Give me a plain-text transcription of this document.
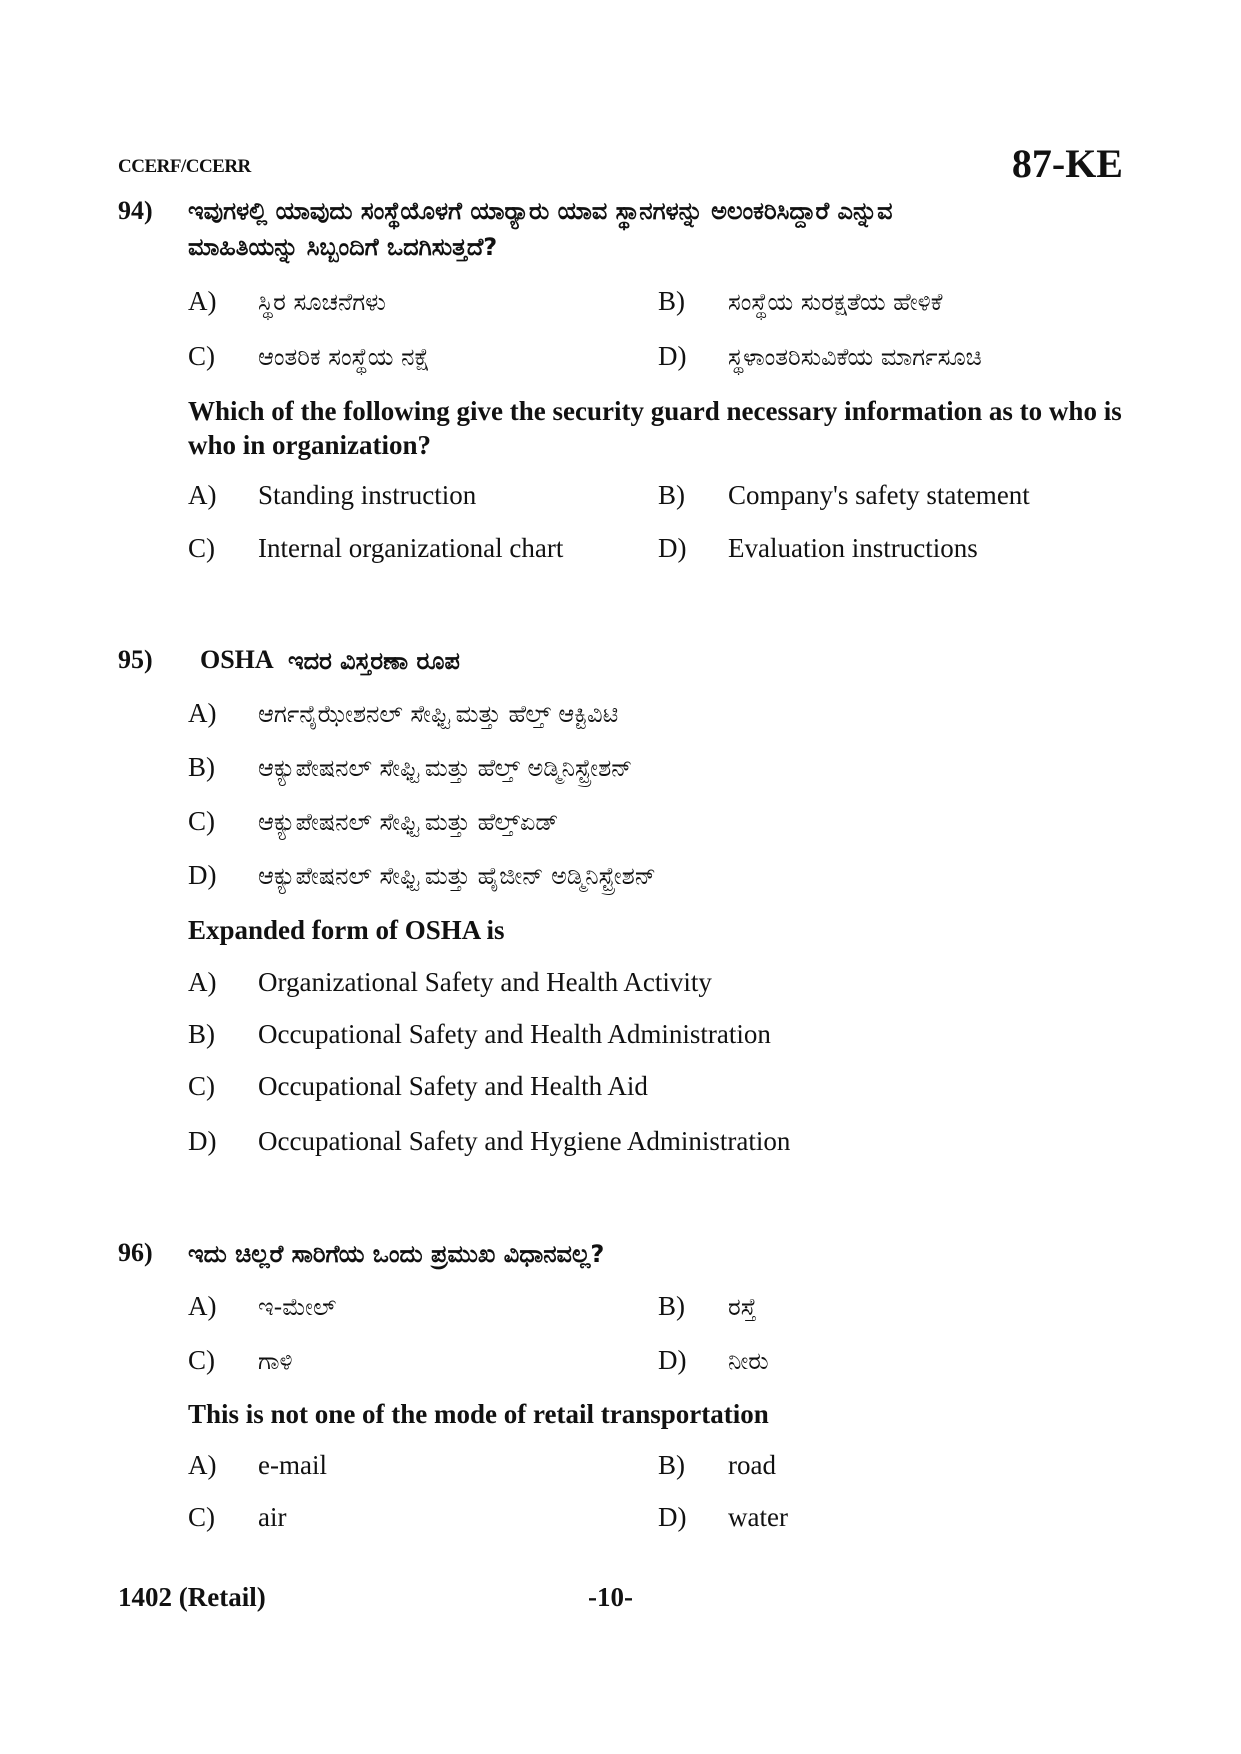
CCERF/CCERR	87-KE
94) ಇವುಗಳಲ್ಲಿ ಯಾವುದು ಸಂಸ್ಥೆಯೊಳಗೆ ಯಾರ್‍ಯಾರು ಯಾವ ಸ್ಥಾನಗಳನ್ನು ಅಲಂಕರಿಸಿದ್ದಾರೆ ಎನ್ನುವ
ಮಾಹಿತಿಯನ್ನು ಸಿಬ್ಬಂದಿಗೆ ಒದಗಿಸುತ್ತದೆ?
A) ಸ್ಥಿರ ಸೂಚನೆಗಳು	B) ಸಂಸ್ಥೆಯ ಸುರಕ್ಷತೆಯ ಹೇಳಿಕೆ
C) ಆಂತರಿಕ ಸಂಸ್ಥೆಯ ನಕ್ಷೆ	D) ಸ್ಥಳಾಂತರಿಸುವಿಕೆಯ ಮಾರ್ಗಸೂಚಿ
Which of the following give the security guard necessary information as to who is who in organization?
A) Standing instruction	B) Company's safety statement
C) Internal organizational chart	D) Evaluation instructions
95) OSHA ಇದರ ವಿಸ್ತರಣಾ ರೂಪ
A) ಆರ್ಗನೈಝೇಶನಲ್ ಸೇಫ್ಟಿ ಮತ್ತು ಹೆಲ್ತ್ ಆಕ್ಟಿವಿಟಿ
B) ಆಕ್ಯುಪೇಷನಲ್ ಸೇಫ್ಟಿ ಮತ್ತು ಹೆಲ್ತ್ ಅಡ್ಮಿನಿಸ್ಟ್ರೇಶನ್
C) ಆಕ್ಯುಪೇಷನಲ್ ಸೇಫ್ಟಿ ಮತ್ತು ಹೆಲ್ತ್‌ಏಡ್
D) ಆಕ್ಯುಪೇಷನಲ್ ಸೇಫ್ಟಿ ಮತ್ತು ಹೈಜೀನ್ ಅಡ್ಮಿನಿಸ್ಟ್ರೇಶನ್
Expanded form of OSHA is
A) Organizational Safety and Health Activity
B) Occupational Safety and Health Administration
C) Occupational Safety and Health Aid
D) Occupational Safety and Hygiene Administration
96) ಇದು ಚಿಲ್ಲರೆ ಸಾರಿಗೆಯ ಒಂದು ಪ್ರಮುಖ ವಿಧಾನವಲ್ಲ?
A) ಇ-ಮೇಲ್	B) ರಸ್ತೆ
C) ಗಾಳಿ	D) ನೀರು
This is not one of the mode of retail transportation
A) e-mail	B) road
C) air	D) water
1402 (Retail)	-10-
